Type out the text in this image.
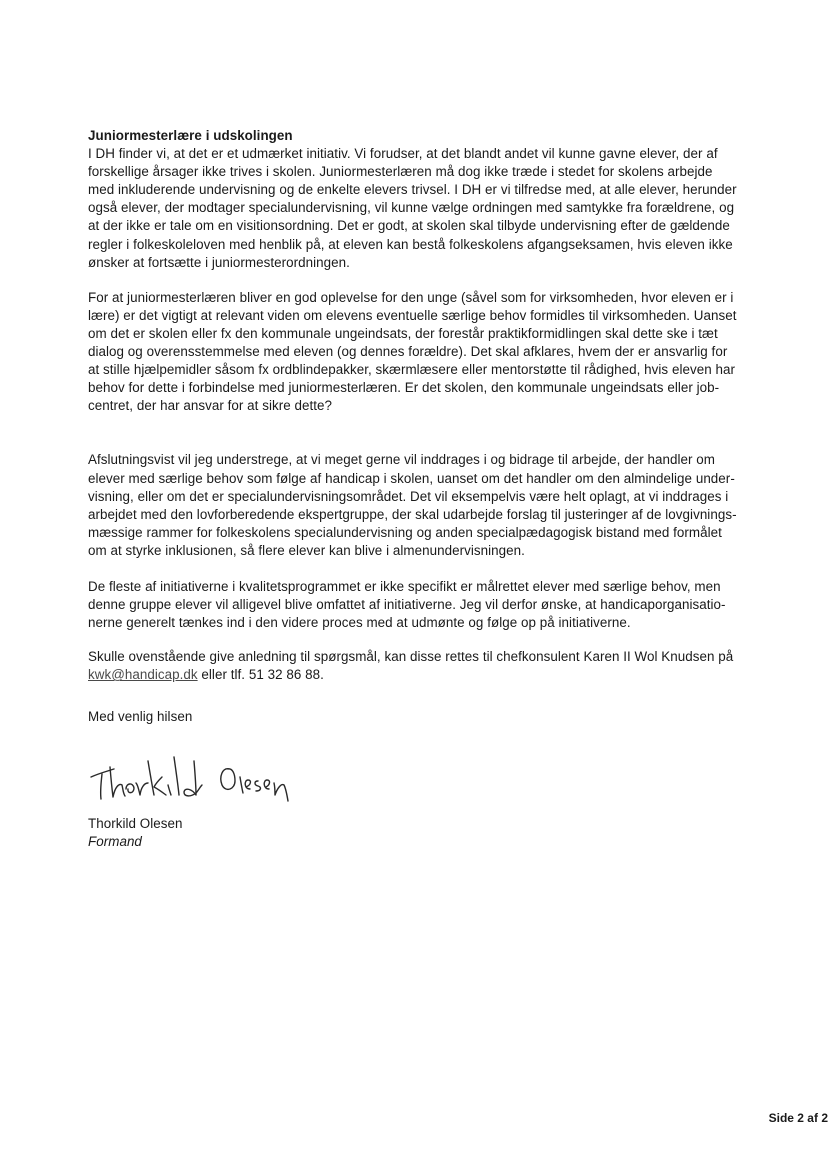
Juniormesterlære i udskolingen

I DH finder vi, at det er et udmærket initiativ. Vi forudser, at det blandt andet vil kunne gavne elever, der af
forskellige årsager ikke trives i skolen. Juniormesterlæren må dog ikke træde i stedet for skolens arbejde
med inkluderende undervisning og de enkelte elevers trivsel. I DH er vi tilfredse med, at alle elever, herunder
også elever, der modtager specialundervisning, vil kunne vælge ordningen med samtykke fra forældrene, og
at der ikke er tale om en visitionsordning. Det er godt, at skolen skal tilbyde undervisning efter de gældende
regler i folkeskoleloven med henblik på, at eleven kan bestå folkeskolens afgangseksamen, hvis eleven ikke
ønsker at fortsætte i juniormesterordningen.

For at juniormesterlæren bliver en god oplevelse for den unge (såvel som for virksomheden, hvor eleven er i
lære) er det vigtigt at relevant viden om elevens eventuelle særlige behov formidles til virksomheden. Uanset
om det er skolen eller fx den kommunale ungeindsats, der forestår praktikformidlingen skal dette ske i tæt
dialog og overensstemmelse med eleven (og dennes forældre). Det skal afklares, hvem der er ansvarlig for
at stille hjælpemidler såsom fx ordblindepakker, skærmlæsere eller mentorstøtte til rådighed, hvis eleven har
behov for dette i forbindelse med juniormesterlæren. Er det skolen, den kommunale ungeindsats eller job-
centret, der har ansvar for at sikre dette?

Afslutningsvist vil jeg understrege, at vi meget gerne vil inddrages i og bidrage til arbejde, der handler om
elever med særlige behov som følge af handicap i skolen, uanset om det handler om den almindelige under-
visning, eller om det er specialundervisningsområdet. Det vil eksempelvis være helt oplagt, at vi inddrages i
arbejdet med den lovforberedende ekspertgruppe, der skal udarbejde forslag til justeringer af de lovgivnings-
mæssige rammer for folkeskolens specialundervisning og anden specialpædagogisk bistand med formålet
om at styrke inklusionen, så flere elever kan blive i almenundervisningen.

De fleste af initiativerne i kvalitetsprogrammet er ikke specifikt er målrettet elever med særlige behov, men
denne gruppe elever vil alligevel blive omfattet af initiativerne. Jeg vil derfor ønske, at handicaporganisatio-
nerne generelt tænkes ind i den videre proces med at udmønte og følge op på initiativerne.

Skulle ovenstående give anledning til spørgsmål, kan disse rettes til chefkonsulent Karen II Wol Knudsen på
kwk@handicap.dk eller tlf. 51 32 86 88.

Med venlig hilsen

Thorkild Olesen

Formand

Side 2 af 2
